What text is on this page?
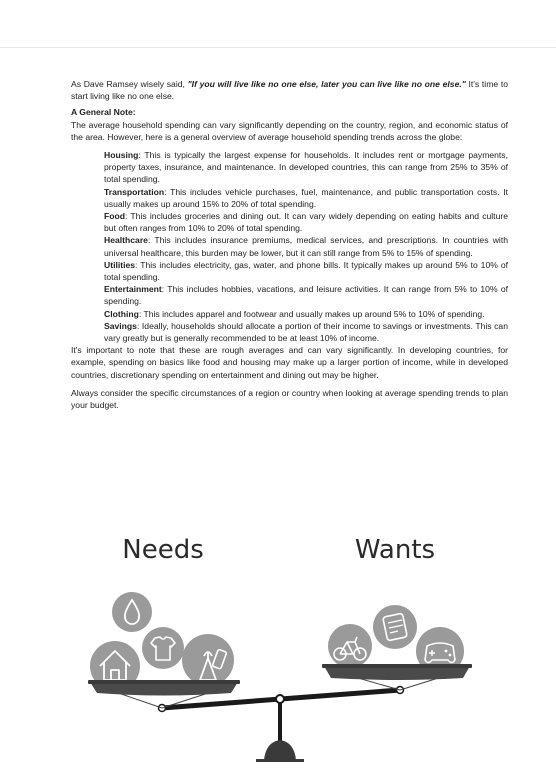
As Dave Ramsey wisely said, "If you will live like no one else, later you can live like no one else." It's time to start living like no one else.

A General Note:

The average household spending can vary significantly depending on the country, region, and economic status of the area. However, here is a general overview of average household spending trends across the globe:

Housing: This is typically the largest expense for households. It includes rent or mortgage payments, property taxes, insurance, and maintenance. In developed countries, this can range from 25% to 35% of total spending.
Transportation: This includes vehicle purchases, fuel, maintenance, and public transportation costs. It usually makes up around 15% to 20% of total spending.
Food: This includes groceries and dining out. It can vary widely depending on eating habits and culture but often ranges from 10% to 20% of total spending.
Healthcare: This includes insurance premiums, medical services, and prescriptions. In countries with universal healthcare, this burden may be lower, but it can still range from 5% to 15% of spending.
Utilities: This includes electricity, gas, water, and phone bills. It typically makes up around 5% to 10% of total spending.
Entertainment: This includes hobbies, vacations, and leisure activities. It can range from 5% to 10% of spending.
Clothing: This includes apparel and footwear and usually makes up around 5% to 10% of spending.
Savings: Ideally, households should allocate a portion of their income to savings or investments. This can vary greatly but is generally recommended to be at least 10% of income.

It's important to note that these are rough averages and can vary significantly. In developing countries, for example, spending on basics like food and housing may make up a larger portion of income, while in developed countries, discretionary spending on entertainment and dining out may be higher.

Always consider the specific circumstances of a region or country when looking at average spending trends to plan your budget.

Needs	Wants
